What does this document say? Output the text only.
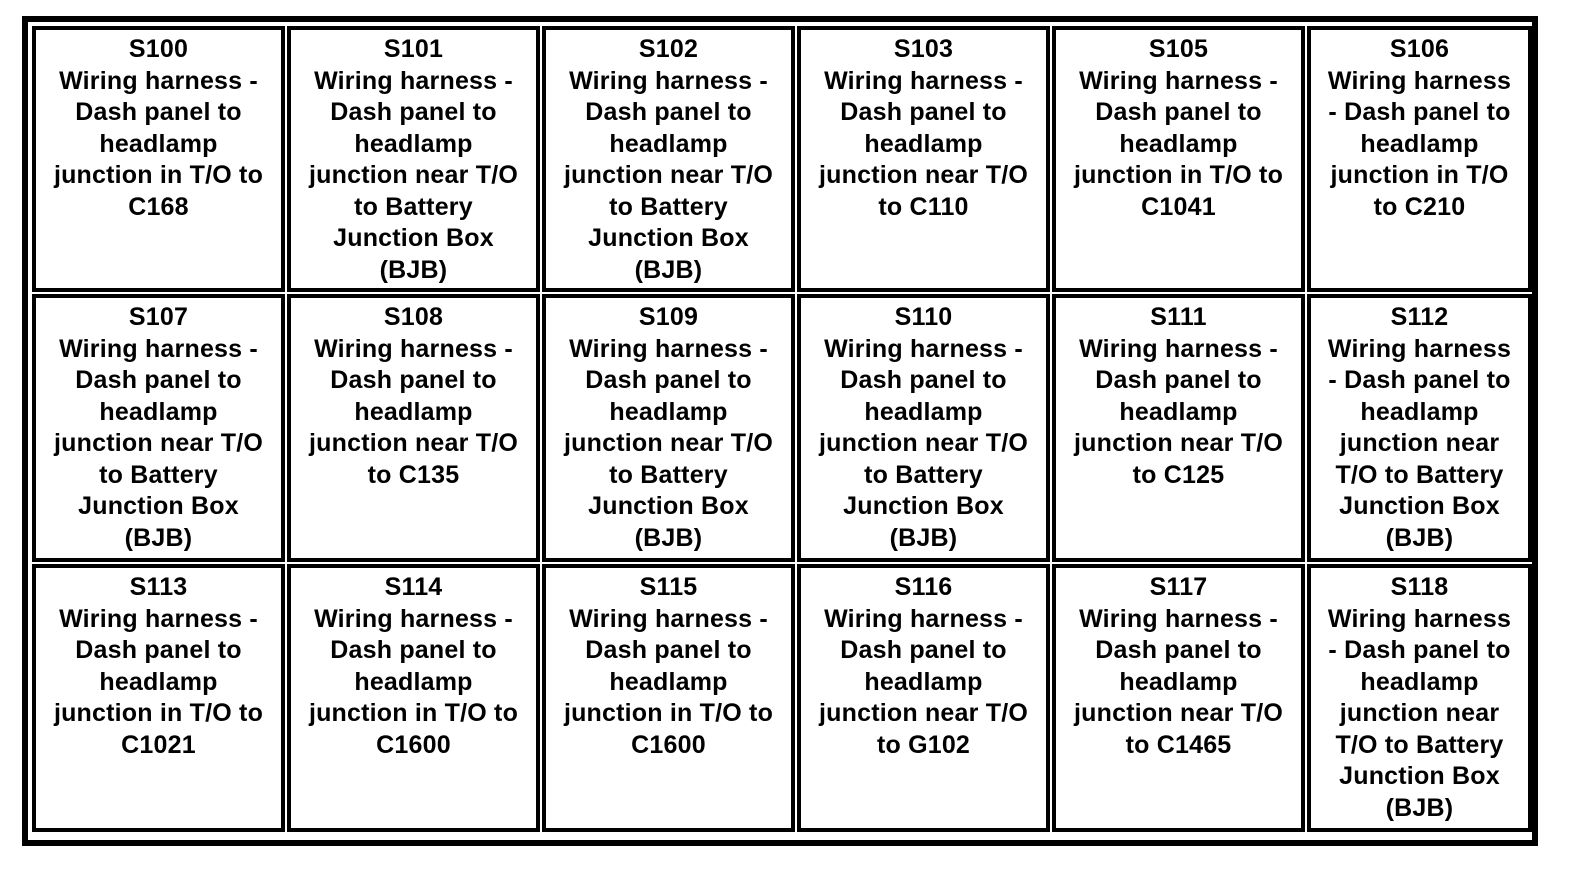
S100
Wiring harness -
Dash panel to
headlamp
junction in T/O to
C168
S101
Wiring harness -
Dash panel to
headlamp
junction near T/O
to Battery
Junction Box
(BJB)
S102
Wiring harness -
Dash panel to
headlamp
junction near T/O
to Battery
Junction Box
(BJB)
S103
Wiring harness -
Dash panel to
headlamp
junction near T/O
to C110
S105
Wiring harness -
Dash panel to
headlamp
junction in T/O to
C1041
S106
Wiring harness
- Dash panel to
headlamp
junction in T/O
to C210
S107
Wiring harness -
Dash panel to
headlamp
junction near T/O
to Battery
Junction Box
(BJB)
S108
Wiring harness -
Dash panel to
headlamp
junction near T/O
to C135
S109
Wiring harness -
Dash panel to
headlamp
junction near T/O
to Battery
Junction Box
(BJB)
S110
Wiring harness -
Dash panel to
headlamp
junction near T/O
to Battery
Junction Box
(BJB)
S111
Wiring harness -
Dash panel to
headlamp
junction near T/O
to C125
S112
Wiring harness
- Dash panel to
headlamp
junction near
T/O to Battery
Junction Box
(BJB)
S113
Wiring harness -
Dash panel to
headlamp
junction in T/O to
C1021
S114
Wiring harness -
Dash panel to
headlamp
junction in T/O to
C1600
S115
Wiring harness -
Dash panel to
headlamp
junction in T/O to
C1600
S116
Wiring harness -
Dash panel to
headlamp
junction near T/O
to G102
S117
Wiring harness -
Dash panel to
headlamp
junction near T/O
to C1465
S118
Wiring harness
- Dash panel to
headlamp
junction near
T/O to Battery
Junction Box
(BJB)
